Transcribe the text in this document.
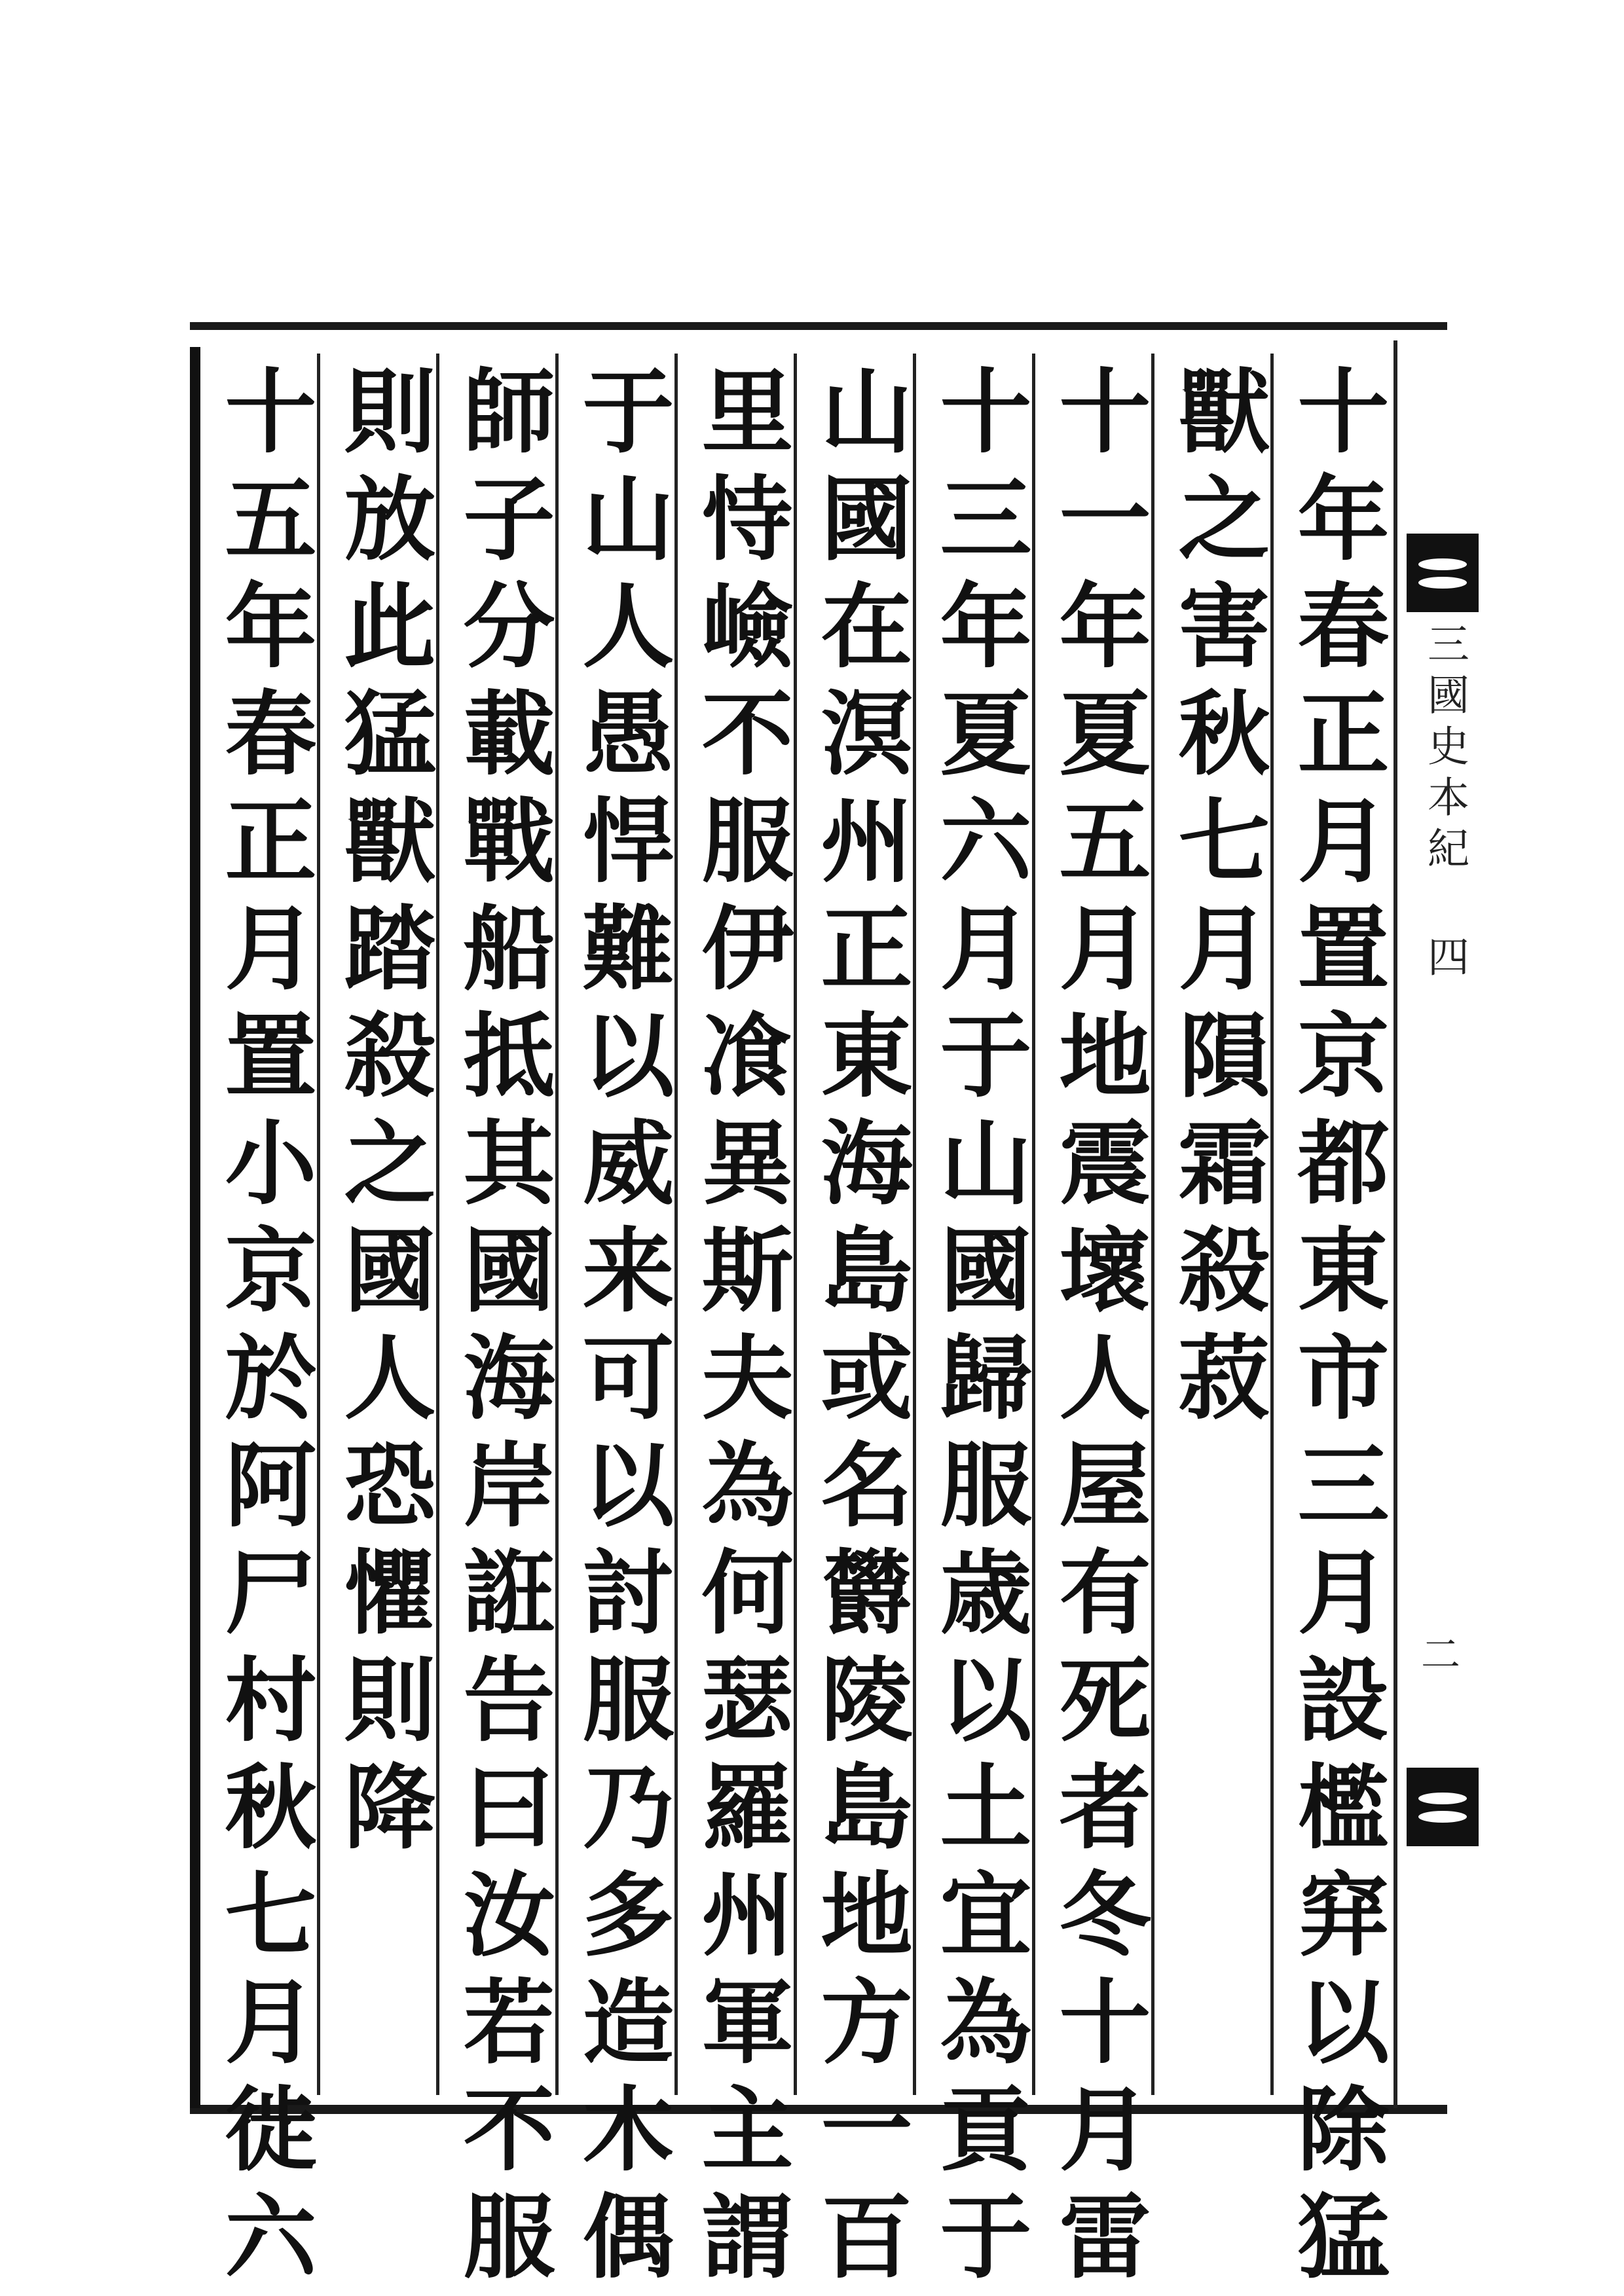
十年春正月置京都東市三月設檻穽以除猛
獸之害秋七月隕霜殺菽
十一年夏五月地震壞人屋有死者冬十月雷
十三年夏六月于山國歸服歳以土宜為貢于
山國在溟州正東海島或名欝陵島地方一百
里恃嶮不服伊飡異斯夫為何瑟羅州軍主謂
于山人愚悍難以威来可以討服乃多造木偶
師子分載戰船抵其國海岸誑告曰汝若不服
則放此猛獸踏殺之國人恐懼則降
十五年春正月置小京於阿尸村秋七月徙六	三國史本紀 四
二
